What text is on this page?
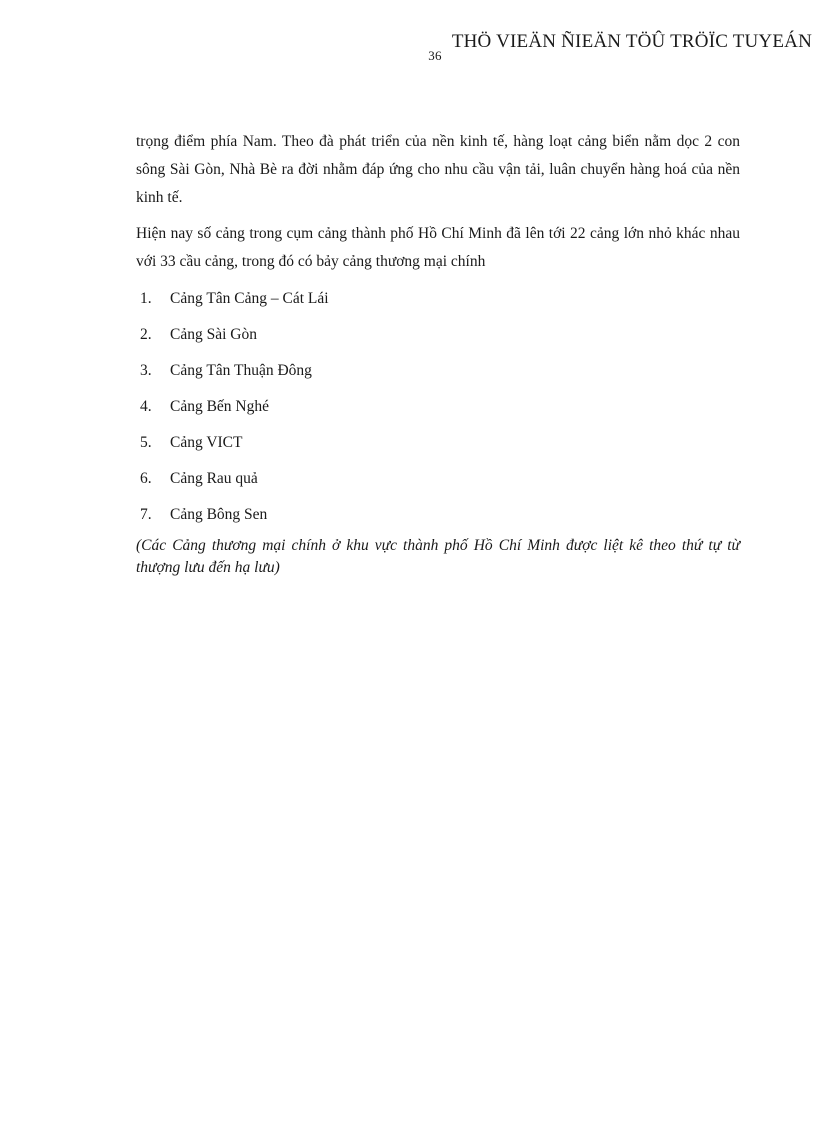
36
THÖ VIEÄN ÑIEÄN TÖÛ TRÖÏC TUYEÁN

trọng điểm phía Nam. Theo đà phát triển của nền kinh tế, hàng loạt cảng biển nằm dọc 2 con sông Sài Gòn, Nhà Bè ra đời nhằm đáp ứng cho nhu cầu vận tải, luân chuyển hàng hoá của nền kinh tế.

Hiện nay số cảng trong cụm cảng thành phố Hồ Chí Minh đã lên tới 22 cảng lớn nhỏ khác nhau với 33 cầu cảng, trong đó có bảy cảng thương mại chính

1.	Cảng Tân Cảng – Cát Lái
2.	Cảng Sài Gòn
3.	Cảng Tân Thuận Đông
4.	Cảng Bến Nghé
5.	Cảng VICT
6.	Cảng Rau quả
7.	Cảng Bông Sen

(Các Cảng thương mại chính ở khu vực thành phố Hồ Chí Minh được liệt kê theo thứ tự từ thượng lưu đến hạ lưu)
